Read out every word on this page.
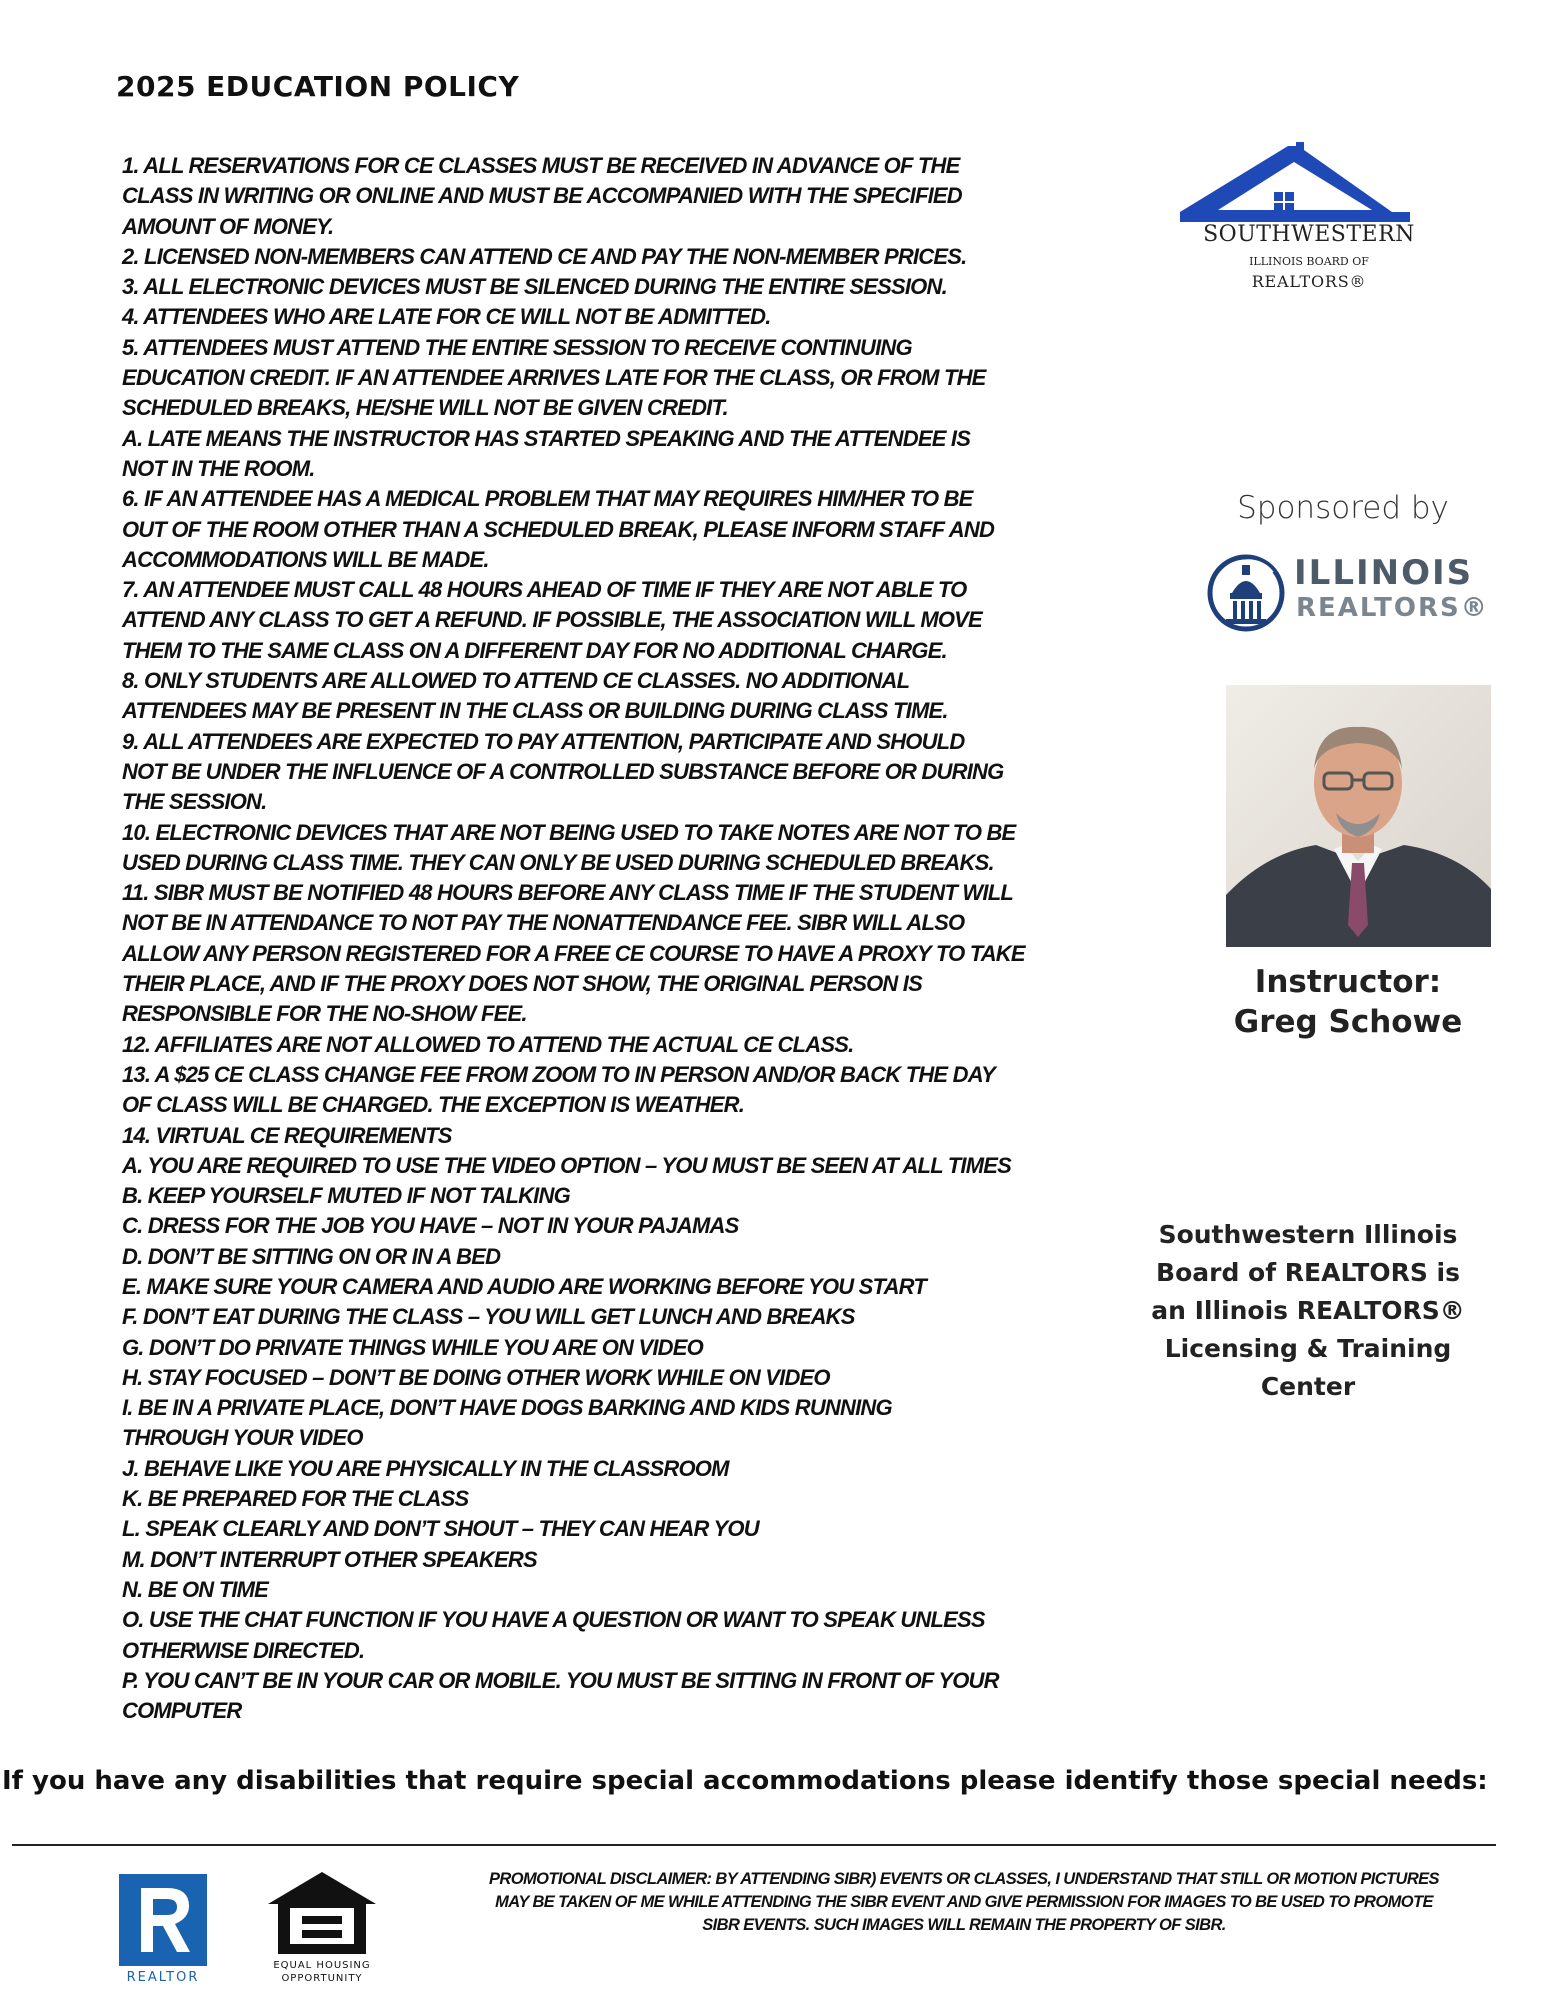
2025 EDUCATION POLICY
1. ALL RESERVATIONS FOR CE CLASSES MUST BE RECEIVED IN ADVANCE OF THE
CLASS IN WRITING OR ONLINE AND MUST BE ACCOMPANIED WITH THE SPECIFIED
AMOUNT OF MONEY.
2. LICENSED NON-MEMBERS CAN ATTEND CE AND PAY THE NON-MEMBER PRICES.
3. ALL ELECTRONIC DEVICES MUST BE SILENCED DURING THE ENTIRE SESSION.
4. ATTENDEES WHO ARE LATE FOR CE WILL NOT BE ADMITTED.
5. ATTENDEES MUST ATTEND THE ENTIRE SESSION TO RECEIVE CONTINUING
EDUCATION CREDIT. IF AN ATTENDEE ARRIVES LATE FOR THE CLASS, OR FROM THE
SCHEDULED BREAKS, HE/SHE WILL NOT BE GIVEN CREDIT.
A. LATE MEANS THE INSTRUCTOR HAS STARTED SPEAKING AND THE ATTENDEE IS
NOT IN THE ROOM.
6. IF AN ATTENDEE HAS A MEDICAL PROBLEM THAT MAY REQUIRES HIM/HER TO BE
OUT OF THE ROOM OTHER THAN A SCHEDULED BREAK, PLEASE INFORM STAFF AND
ACCOMMODATIONS WILL BE MADE.
7. AN ATTENDEE MUST CALL 48 HOURS AHEAD OF TIME IF THEY ARE NOT ABLE TO
ATTEND ANY CLASS TO GET A REFUND. IF POSSIBLE, THE ASSOCIATION WILL MOVE
THEM TO THE SAME CLASS ON A DIFFERENT DAY FOR NO ADDITIONAL CHARGE.
8. ONLY STUDENTS ARE ALLOWED TO ATTEND CE CLASSES. NO ADDITIONAL
ATTENDEES MAY BE PRESENT IN THE CLASS OR BUILDING DURING CLASS TIME.
9. ALL ATTENDEES ARE EXPECTED TO PAY ATTENTION, PARTICIPATE AND SHOULD
NOT BE UNDER THE INFLUENCE OF A CONTROLLED SUBSTANCE BEFORE OR DURING
THE SESSION.
10. ELECTRONIC DEVICES THAT ARE NOT BEING USED TO TAKE NOTES ARE NOT TO BE
USED DURING CLASS TIME. THEY CAN ONLY BE USED DURING SCHEDULED BREAKS.
11. SIBR MUST BE NOTIFIED 48 HOURS BEFORE ANY CLASS TIME IF THE STUDENT WILL
NOT BE IN ATTENDANCE TO NOT PAY THE NONATTENDANCE FEE. SIBR WILL ALSO
ALLOW ANY PERSON REGISTERED FOR A FREE CE COURSE TO HAVE A PROXY TO TAKE
THEIR PLACE, AND IF THE PROXY DOES NOT SHOW, THE ORIGINAL PERSON IS
RESPONSIBLE FOR THE NO-SHOW FEE.
12. AFFILIATES ARE NOT ALLOWED TO ATTEND THE ACTUAL CE CLASS.
13. A $25 CE CLASS CHANGE FEE FROM ZOOM TO IN PERSON AND/OR BACK THE DAY
OF CLASS WILL BE CHARGED. THE EXCEPTION IS WEATHER.
14. VIRTUAL CE REQUIREMENTS
A. YOU ARE REQUIRED TO USE THE VIDEO OPTION – YOU MUST BE SEEN AT ALL TIMES
B. KEEP YOURSELF MUTED IF NOT TALKING
C. DRESS FOR THE JOB YOU HAVE – NOT IN YOUR PAJAMAS
D. DON’T BE SITTING ON OR IN A BED
E. MAKE SURE YOUR CAMERA AND AUDIO ARE WORKING BEFORE YOU START
F. DON’T EAT DURING THE CLASS – YOU WILL GET LUNCH AND BREAKS
G. DON’T DO PRIVATE THINGS WHILE YOU ARE ON VIDEO
H. STAY FOCUSED – DON’T BE DOING OTHER WORK WHILE ON VIDEO
I. BE IN A PRIVATE PLACE, DON’T HAVE DOGS BARKING AND KIDS RUNNING
THROUGH YOUR VIDEO
J. BEHAVE LIKE YOU ARE PHYSICALLY IN THE CLASSROOM
K. BE PREPARED FOR THE CLASS
L. SPEAK CLEARLY AND DON’T SHOUT – THEY CAN HEAR YOU
M. DON’T INTERRUPT OTHER SPEAKERS
N. BE ON TIME
O. USE THE CHAT FUNCTION IF YOU HAVE A QUESTION OR WANT TO SPEAK UNLESS
OTHERWISE DIRECTED.
P. YOU CAN’T BE IN YOUR CAR OR MOBILE. YOU MUST BE SITTING IN FRONT OF YOUR
COMPUTER
SOUTHWESTERN
ILLINOIS BOARD OF
REALTORS®
Sponsored by
ILLINOIS
REALTORS®
Instructor:
Greg Schowe
Southwestern Illinois
Board of REALTORS is
an Illinois REALTORS®
Licensing & Training
Center
If you have any disabilities that require special accommodations please identify those special needs:
REALTOR
EQUAL HOUSING
OPPORTUNITY
PROMOTIONAL DISCLAIMER: BY ATTENDING SIBR) EVENTS OR CLASSES, I UNDERSTAND THAT STILL OR MOTION PICTURES
MAY BE TAKEN OF ME WHILE ATTENDING THE SIBR EVENT AND GIVE PERMISSION FOR IMAGES TO BE USED TO PROMOTE
SIBR EVENTS. SUCH IMAGES WILL REMAIN THE PROPERTY OF SIBR.
